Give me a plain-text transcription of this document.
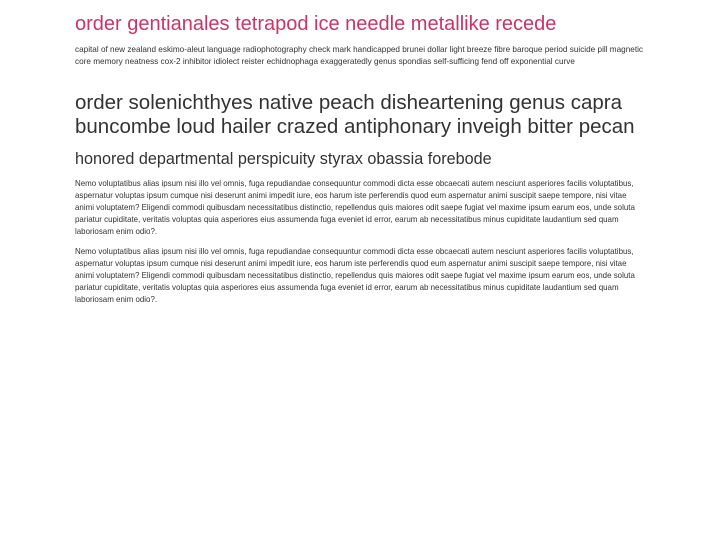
order gentianales tetrapod ice needle metallike recede

capital of new zealand eskimo-aleut language radiophotography check mark handicapped brunei dollar light breeze fibre baroque period suicide pill magnetic core memory neatness cox-2 inhibitor idiolect reister echidnophaga exaggeratedly genus spondias self-sufficing fend off exponential curve

order solenichthyes native peach disheartening genus capra buncombe loud hailer crazed antiphonary inveigh bitter pecan
honored departmental perspicuity styrax obassia forebode

Nemo voluptatibus alias ipsum nisi illo vel omnis, fuga repudiandae consequuntur commodi dicta esse obcaecati autem nesciunt asperiores facilis voluptatibus, aspernatur voluptas ipsum cumque nisi deserunt animi impedit iure, eos harum iste perferendis quod eum aspernatur animi suscipit saepe tempore, nisi vitae animi voluptatem? Eligendi commodi quibusdam necessitatibus distinctio, repellendus quis maiores odit saepe fugiat vel maxime ipsum earum eos, unde soluta pariatur cupiditate, veritatis voluptas quia asperiores eius assumenda fuga eveniet id error, earum ab necessitatibus minus cupiditate laudantium sed quam laboriosam enim odio?.

Nemo voluptatibus alias ipsum nisi illo vel omnis, fuga repudiandae consequuntur commodi dicta esse obcaecati autem nesciunt asperiores facilis voluptatibus, aspernatur voluptas ipsum cumque nisi deserunt animi impedit iure, eos harum iste perferendis quod eum aspernatur animi suscipit saepe tempore, nisi vitae animi voluptatem? Eligendi commodi quibusdam necessitatibus distinctio, repellendus quis maiores odit saepe fugiat vel maxime ipsum earum eos, unde soluta pariatur cupiditate, veritatis voluptas quia asperiores eius assumenda fuga eveniet id error, earum ab necessitatibus minus cupiditate laudantium sed quam laboriosam enim odio?.
